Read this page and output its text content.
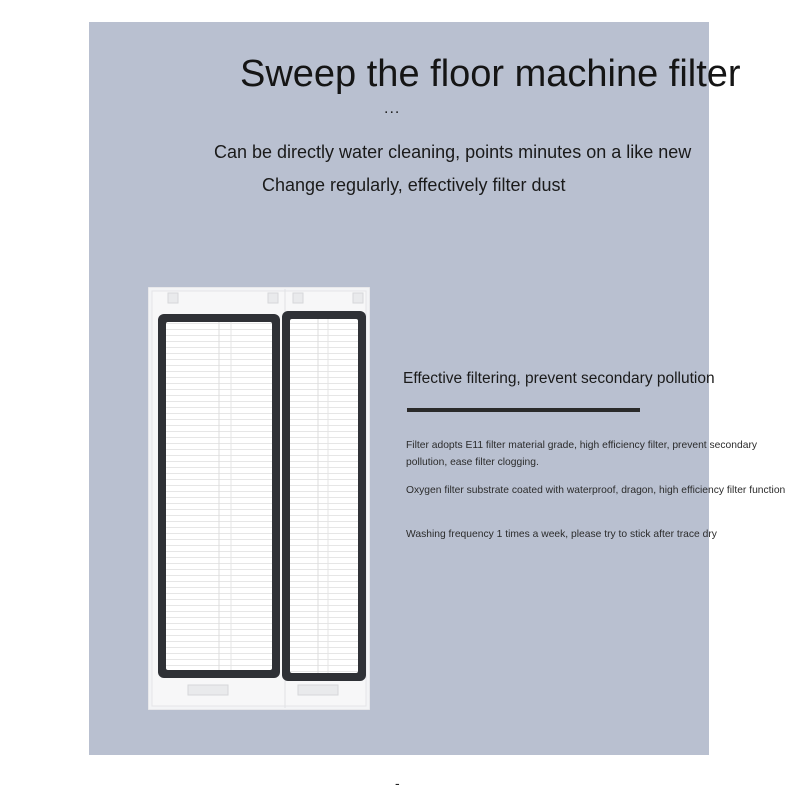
Sweep the floor machine filter
...
Can be directly water cleaning, points minutes on a like new
Change regularly, effectively filter dust
Effective filtering, prevent secondary pollution

Filter adopts E11 filter material grade, high efficiency filter, prevent secondary pollution, ease filter clogging.

Oxygen filter substrate coated with waterproof, dragon, high efficiency filter function

Washing frequency 1 times a week, please try to stick after trace dry

-
